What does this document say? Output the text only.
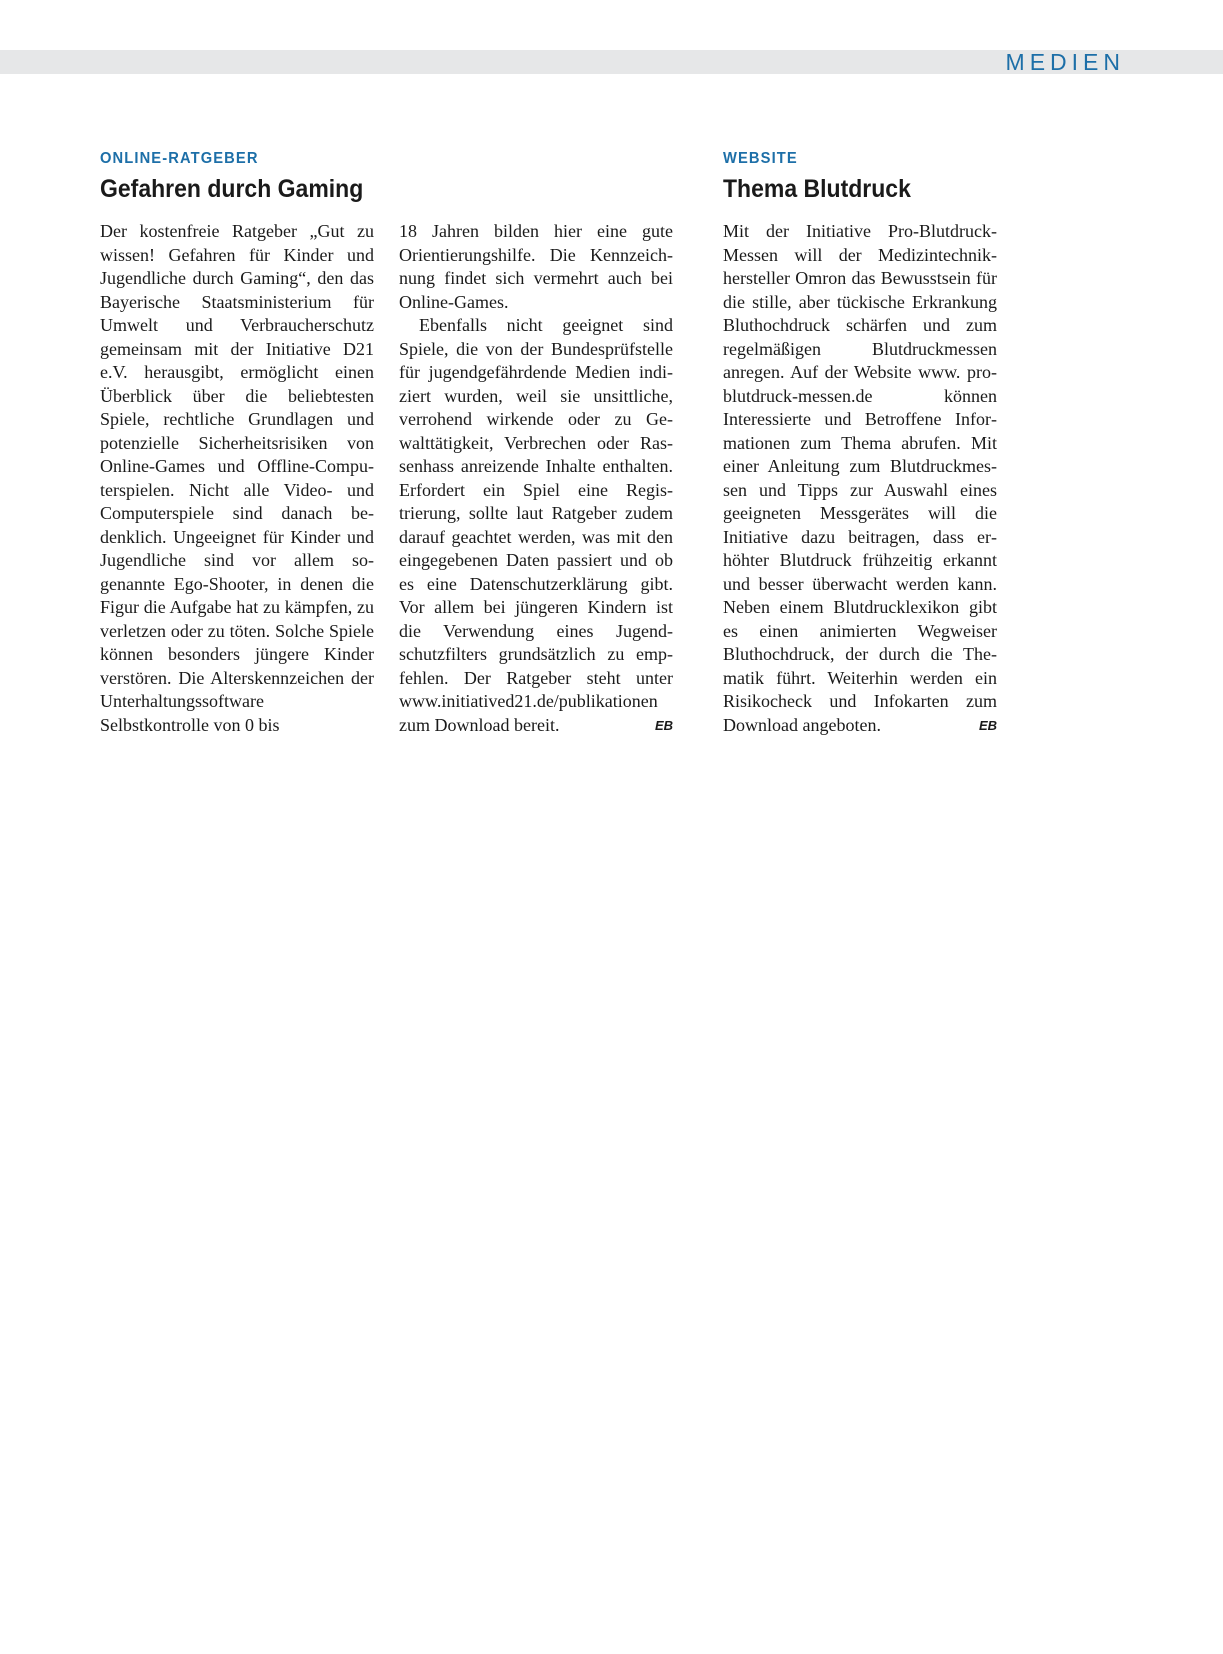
MEDIEN
ONLINE-RATGEBER
Gefahren durch Gaming

Der kostenfreie Ratgeber „Gut zu wissen! Gefahren für Kinder und Jugendliche durch Gaming“, den das Bayerische Staatsministerium für Umwelt und Verbraucherschutz gemeinsam mit der Initiative D21 e.V. herausgibt, ermöglicht einen Überblick über die beliebtesten Spiele, rechtliche Grundlagen und potenzielle Sicherheitsrisiken von Online-Games und Offline-Computerspielen. Nicht alle Video- und Computerspiele sind danach bedenklich. Ungeeignet für Kinder und Jugendliche sind vor allem sogenannte Ego-Shooter, in denen die Figur die Aufgabe hat zu kämpfen, zu verletzen oder zu töten. Solche Spiele können besonders jüngere Kinder verstören. Die Alterskennzeichen der Unterhaltungssoftware Selbstkontrolle von 0 bis

18 Jahren bilden hier eine gute Orientierungshilfe. Die Kennzeichnung findet sich vermehrt auch bei Online-Games.

Ebenfalls nicht geeignet sind Spiele, die von der Bundesprüfstelle für jugendgefährdende Medien indiziert wurden, weil sie unsittliche, verrohend wirkende oder zu Gewalttätigkeit, Verbrechen oder Rassenhass anreizende Inhalte enthalten. Erfordert ein Spiel eine Registrierung, sollte laut Ratgeber zudem darauf geachtet werden, was mit den eingegebenen Daten passiert und ob es eine Datenschutzerklärung gibt. Vor allem bei jüngeren Kindern ist die Verwendung eines Jugendschutzfilters grundsätzlich zu empfehlen. Der Ratgeber steht unter www.initiatived21.de/publikationen zum Download bereit.	EB

WEBSITE
Thema Blutdruck

Mit der Initiative Pro-Blutdruck-Messen will der Medizintechnikhersteller Omron das Bewusstsein für die stille, aber tückische Erkrankung Bluthochdruck schärfen und zum regelmäßigen Blutdruckmessen anregen. Auf der Website www. pro-blutdruck-messen.de können Interessierte und Betroffene Informationen zum Thema abrufen. Mit einer Anleitung zum Blutdruckmessen und Tipps zur Auswahl eines geeigneten Messgerätes will die Initiative dazu beitragen, dass erhöhter Blutdruck frühzeitig erkannt und besser überwacht werden kann. Neben einem Blutdrucklexikon gibt es einen animierten Wegweiser Bluthochdruck, der durch die Thematik führt. Weiterhin werden ein Risikocheck und Infokarten zum Download angeboten.	EB
